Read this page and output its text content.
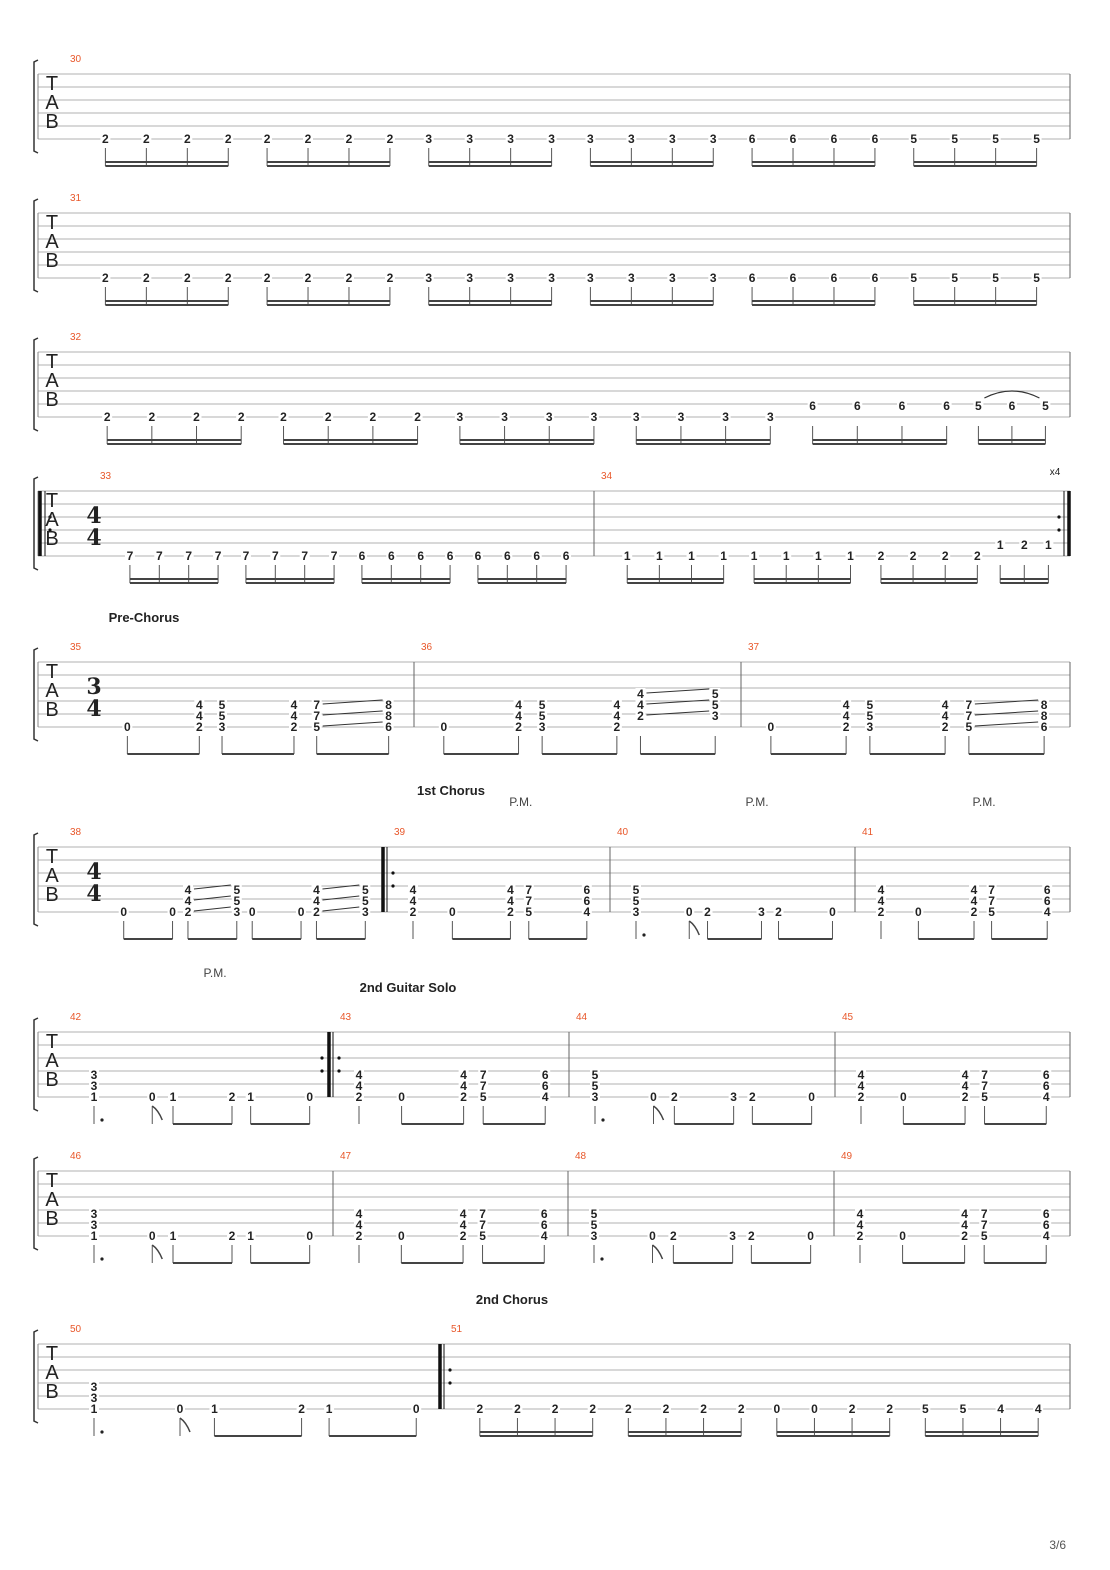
T
A
B
30
2	2	2	2	2	2	2	2	3	3	3	3	3	3	3	3	6	6	6	6	5	5	5	5
T
A
B
31
2	2	2	2	2	2	2	2	3	3	3	3	3	3	3	3	6	6	6	6	5	5	5	5
T
A
B
32
2	2	2	2	2	2	2	2	3	3	3	3	3	3	3	3
6	6	6	6 5 6 5
T
A
B
x4
33
4
4
7 7 7 7 7 7 7 7 6 6 6 6 6 6 6 6
34
1 1 1 1 1 1 1 1 2 2 2 2
1 2 1
T
A
B
Pre-Chorus
35
3
4
0	2
4
4
3
5
5
2
4
4
5
7
7
6
8
8
36
0	2
4
4
3
5
5
2
4
4
2
4
4
3
5
5
37
0	2
4
4
3
5
5
2
4
4
5
7
7
6
8
8
T
A
B
1st Chorus
38
4
4
0	0 2
4
4
3
5
5
0	0 2
4
4
3
5
5
39
P.M.
2
4
4
0	2
4
4
5
7
7
4
6
6
40
P.M.
3
5
5
0 2	3 2	0
41
P.M.
2
4
4
0	2
4
4
5
7
7
4
6
6
T
A
B
2nd Guitar Solo
42
P.M.
1
3
3
0 1	2 1	0
43
2
4
4
0	2
4
4
5
7
7
4
6
6
44
3
5
5
0 2	3 2	0
45
2
4
4
0	2
4
4
5
7
7
4
6
6
T
A
B
46
1
3
3
0 1	2 1	0
47
2
4
4
0	2
4
4
5
7
7
4
6
6
48
3
5
5
0 2	3 2	0
49
2
4
4
0	2
4
4
5
7
7
4
6
6
T
A
B
2nd Chorus
50
1
3
3
0 1	2 1	0
51
2	2	2	2 2	2	2	2 0	0	2	2 5	5	4	4
3/6
